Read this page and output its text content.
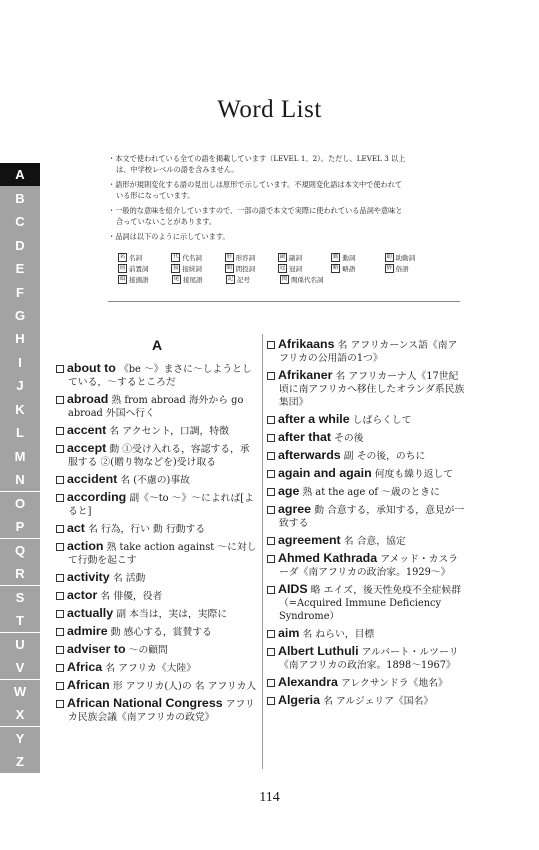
Word List

・本文で使われている全ての語を掲載しています（LEVEL 1、2）。ただし、LEVEL 3 以上は、中学校レベルの語を含みません。

・語形が規則変化する語の見出しは原形で示しています。不規則変化語は本文中で使われている形になっています。

・一般的な意味を紹介していますので、一部の語で本文で実際に使われている品詞や意味と合っていないことがあります。

・品詞は以下のように示しています。

名 名詞	代 代名詞	形 形容詞	副 副詞	動 動詞	助 助動詞
前 前置詞	接 接続詞	間 間投詞	冠 冠詞	略 略語	俗 俗語
頭 接頭語	尾 接尾語	記 記号	関 関係代名詞
A
B
C
D
E
F
G
H
I
J
K
L
M
N
O
P
Q
R
S
T
U
V
W
X
Y
Z
A
about to 《be ～》まさに～しようとしている，～するところだ
abroad 熟 from abroad 海外から go abroad 外国へ行く
accent 名 アクセント，口調，特徴
accept 動 ①受け入れる，容認する，承服する ②(贈り物などを)受け取る
accident 名 (不慮の)事故
according 副《～to ～》～によれば[よると]
act 名 行為，行い 動 行動する
action 熟 take action against ～に対して行動を起こす
activity 名 活動
actor 名 俳優，役者
actually 副 本当は，実は，実際に
admire 動 感心する，賞賛する
adviser to ～の顧問
Africa 名 アフリカ《大陸》
African 形 アフリカ(人)の 名 アフリカ人
African National Congress アフリカ民族会議《南アフリカの政党》
Afrikaans 名 アフリカーンス語《南アフリカの公用語の1つ》
Afrikaner 名 アフリカーナ人《17世紀頃に南アフリカへ移住したオランダ系民族集団》
after a while しばらくして
after that その後
afterwards 副 その後，のちに
again and again 何度も繰り返して
age 熟 at the age of ～歳のときに
agree 動 合意する，承知する，意見が一致する
agreement 名 合意，協定
Ahmed Kathrada アメッド・カスラーダ《南アフリカの政治家。1929～》
AIDS 略 エイズ，後天性免疫不全症候群（=Acquired Immune Deficiency Syndrome）
aim 名 ねらい，目標
Albert Luthuli アルバート・ルツーリ《南アフリカの政治家。1898～1967》
Alexandra アレクサンドラ《地名》
Algeria 名 アルジェリア《国名》
114
